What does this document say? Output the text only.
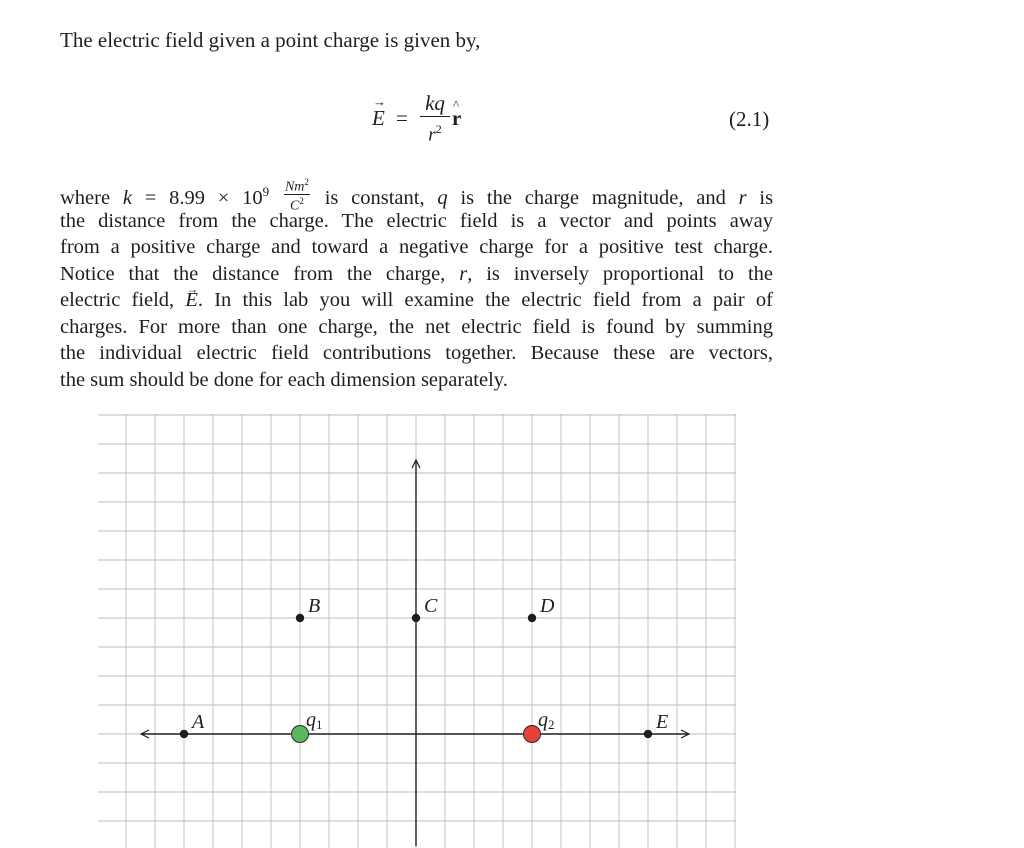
The electric field given a point charge is given by,
→ E =
kq
$r^2$ ^ r	(2.1)
where $k = 8.99 \times 10^9 \frac{Nm^2}{C^2}$ is constant, q is the charge magnitude, and r is
the distance from the charge. The electric field is a vector and points away
from a positive charge and toward a negative charge for a positive test charge.
Notice that the distance from the charge, r, is inversely proportional to the
electric field, → E. In this lab you will examine the electric field from a pair of
charges. For more than one charge, the net electric field is found by summing
the individual electric field contributions together. Because these are vectors,
the sum should be done for each dimension separately.
A
B	C	D
E
q1	q2
